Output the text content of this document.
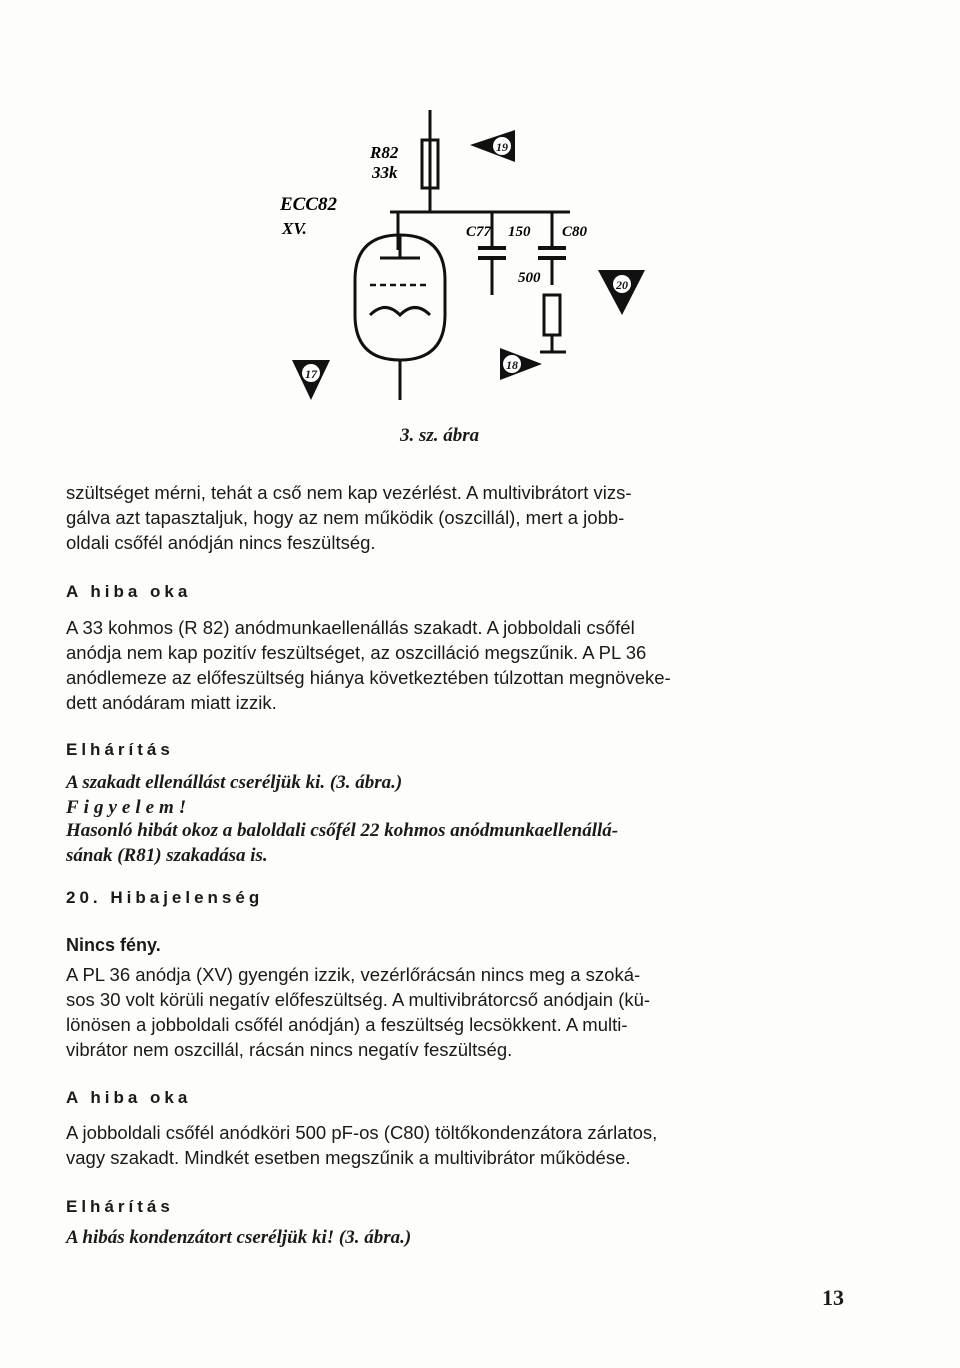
R82
33k
ECC82
XV.	C77 150 C80
500
19
20
18
17
3. sz. ábra
szültséget mérni, tehát a cső nem kap vezérlést. A multivibrátort vizs-
gálva azt tapasztaljuk, hogy az nem működik (oszcillál), mert a jobb-
oldali csőfél anódján nincs feszültség.
A hiba oka
A 33 kohmos (R 82) anódmunkaellenállás szakadt. A jobboldali csőfél
anódja nem kap pozitív feszültséget, az oszcilláció megszűnik. A PL 36
anódlemeze az előfeszültség hiánya következtében túlzottan megnöveke-
dett anódáram miatt izzik.
Elhárítás
A szakadt ellenállást cseréljük ki. (3. ábra.)
Figyelem!
Hasonló hibát okoz a baloldali csőfél 22 kohmos anódmunkaellenállá-
sának (R81) szakadása is.
20. Hibajelenség
Nincs fény.
A PL 36 anódja (XV) gyengén izzik, vezérlőrácsán nincs meg a szoká-
sos 30 volt körüli negatív előfeszültség. A multivibrátorcső anódjain (kü-
lönösen a jobboldali csőfél anódján) a feszültség lecsökkent. A multi-
vibrátor nem oszcillál, rácsán nincs negatív feszültség.
A hiba oka
A jobboldali csőfél anódköri 500 pF-os (C80) töltőkondenzátora zárlatos,
vagy szakadt. Mindkét esetben megszűnik a multivibrátor működése.
Elhárítás
A hibás kondenzátort cseréljük ki! (3. ábra.)
13
